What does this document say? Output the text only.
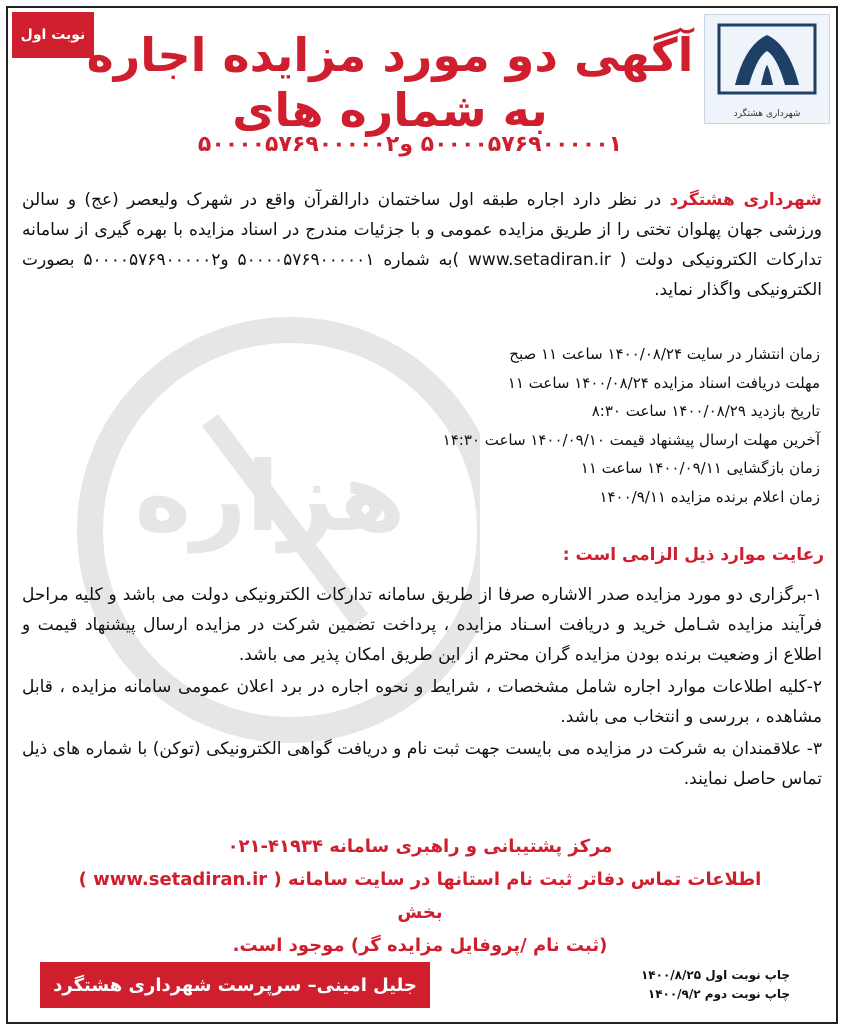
هزاره
نوبت اول
شهرداری هشتگرد
آگهی دو مورد مزایده اجاره به شماره های
۵۰۰۰۰۵۷۶۹۰۰۰۰۰۱ و۵۰۰۰۰۵۷۶۹۰۰۰۰۰۲
شهرداری هشتگرد در نظر دارد اجاره طبقه اول ساختمان دارالقرآن واقع در شهرک ولیعصر (عج) و سالن ورزشی جهان پهلوان تختی را از طریق مزایده عمومی و با جزئیات مندرج در اسناد مزایده با بهره گیری از سامانه تدارکات الکترونیکی دولت ( www.setadiran.ir )به شماره ۵۰۰۰۰۵۷۶۹۰۰۰۰۰۱ و۵۰۰۰۰۵۷۶۹۰۰۰۰۰۲ بصورت الکترونیکی واگذار نماید.
زمان انتشار در سایت ۱۴۰۰/۰۸/۲۴ ساعت ۱۱ صبح
مهلت دریافت اسناد مزایده ۱۴۰۰/۰۸/۲۴ ساعت ۱۱
تاریخ بازدید ۱۴۰۰/۰۸/۲۹ ساعت ۸:۳۰
آخرین مهلت ارسال پیشنهاد قیمت ۱۴۰۰/۰۹/۱۰ ساعت ۱۴:۳۰
زمان بازگشایی ۱۴۰۰/۰۹/۱۱ ساعت ۱۱
زمان اعلام برنده مزایده ۱۴۰۰/۹/۱۱
رعایت موارد ذیل الزامی است :

۱-برگزاری دو مورد مزایده صدر الاشاره صرفا از طریق سامانه تدارکات الکترونیکی دولت می باشد و کلیه مراحل فرآیند مزایده شـامل خرید و دریافت اسـناد مزایده ، پرداخت تضمین شرکت در مزایده ارسال پیشنهاد قیمت و اطلاع از وضعیت برنده بودن مزایده گران محترم از این طریق امکان پذیر می باشد.

۲-کلیه اطلاعات موارد اجاره شامل مشخصات ، شرایط و نحوه اجاره در برد اعلان عمومی سامانه مزایده ، قابل مشاهده ، بررسی و انتخاب می باشد.

۳- علاقمندان به شرکت در مزایده می بایست جهت ثبت نام و دریافت گواهی الکترونیکی (توکن) با شماره های ذیل تماس حاصل نمایند.

مرکز پشتیبانی و راهبری سامانه ۴۱۹۳۴-۰۲۱
اطلاعات تماس دفاتر ثبت نام استانها در سایت سامانه ( www.setadiran.ir ) بخش
(ثبت نام /پروفایل مزایده گر) موجود است.
جلیل امینی– سرپرست شهرداری هشتگرد	چاپ نوبت اول ۱۴۰۰/۸/۲۵
چاپ نوبت دوم ۱۴۰۰/۹/۲
